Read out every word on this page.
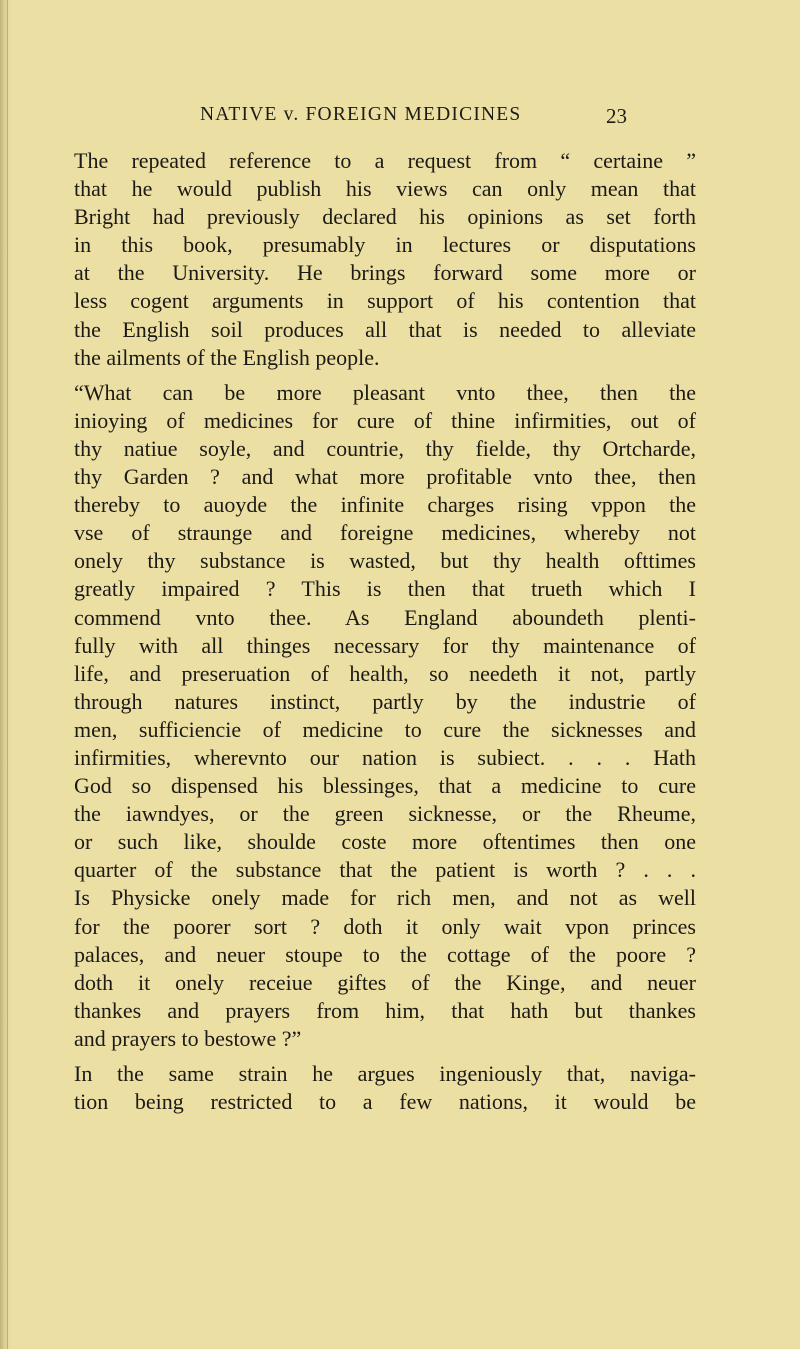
NATIVE v. FOREIGN MEDICINES	23
The repeated reference to a request from “ certaine ”
that he would publish his views can only mean that
Bright had previously declared his opinions as set forth
in this book, presumably in lectures or disputations
at the University. He brings forward some more or
less cogent arguments in support of his contention that
the English soil produces all that is needed to alleviate
the ailments of the English people.
“What can be more pleasant vnto thee, then the
inioying of medicines for cure of thine infirmities, out of
thy natiue soyle, and countrie, thy fielde, thy Ortcharde,
thy Garden ? and what more profitable vnto thee, then
thereby to auoyde the infinite charges rising vppon the
vse of straunge and foreigne medicines, whereby not
onely thy substance is wasted, but thy health ofttimes
greatly impaired ? This is then that trueth which I
commend vnto thee. As England aboundeth plenti-
fully with all thinges necessary for thy maintenance of
life, and preseruation of health, so needeth it not, partly
through natures instinct, partly by the industrie of
men, sufficiencie of medicine to cure the sicknesses and
infirmities, wherevnto our nation is subiect. . . . Hath
God so dispensed his blessinges, that a medicine to cure
the iawndyes, or the green sicknesse, or the Rheume,
or such like, shoulde coste more oftentimes then one
quarter of the substance that the patient is worth ? . . .
Is Physicke onely made for rich men, and not as well
for the poorer sort ? doth it only wait vpon princes
palaces, and neuer stoupe to the cottage of the poore ?
doth it onely receiue giftes of the Kinge, and neuer
thankes and prayers from him, that hath but thankes
and prayers to bestowe ?”
In the same strain he argues ingeniously that, naviga-
tion being restricted to a few nations, it would be
